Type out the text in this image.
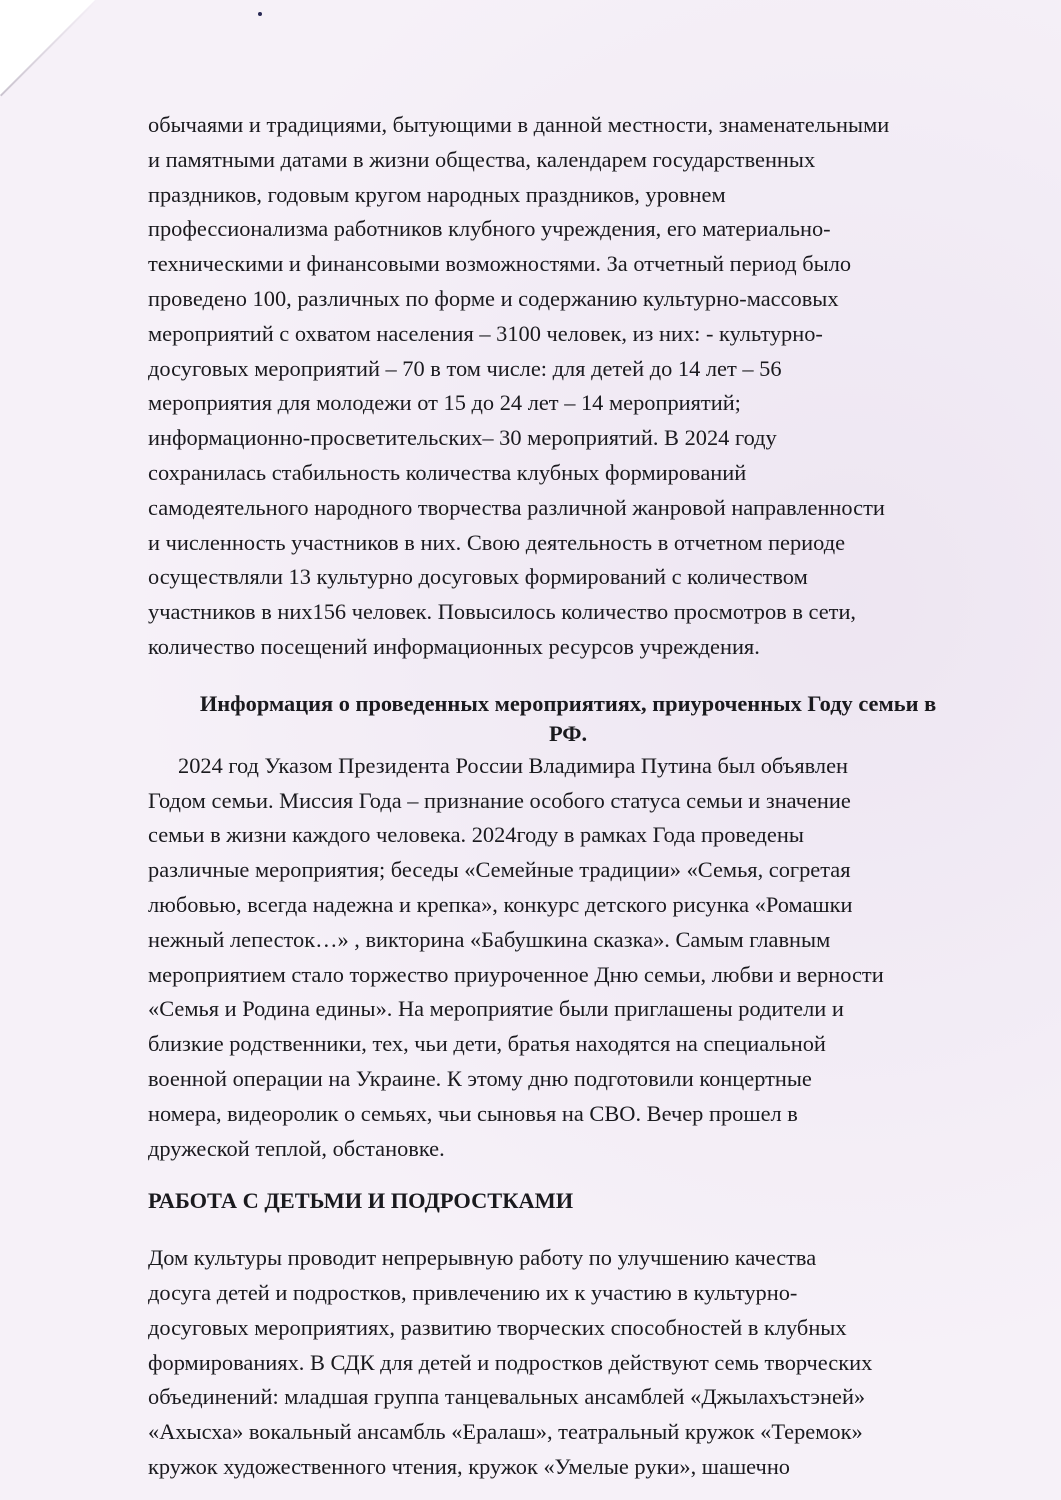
обычаями и традициями, бытующими в данной местности, знаменательными

и памятными датами в жизни общества, календарем государственных

праздников, годовым кругом народных праздников, уровнем

профессионализма работников клубного учреждения, его материально-

техническими и финансовыми возможностями. За отчетный период было

проведено 100, различных по форме и содержанию культурно-массовых

мероприятий с охватом населения – 3100 человек, из них: - культурно-

досуговых мероприятий – 70 в том числе: для детей до 14 лет – 56

мероприятия для молодежи от 15 до 24 лет – 14 мероприятий;

информационно-просветительских– 30 мероприятий. В 2024 году

сохранилась стабильность количества клубных формирований

самодеятельного народного творчества различной жанровой направленности

и численность участников в них. Свою деятельность в отчетном периоде

осуществляли 13 культурно досуговых формирований с количеством

участников в них156 человек. Повысилось количество просмотров в сети,

количество посещений информационных ресурсов учреждения.

Информация о проведенных мероприятиях, приуроченных Году семьи в

РФ.

2024 год Указом Президента России Владимира Путина был объявлен

Годом семьи. Миссия Года – признание особого статуса семьи и значение

семьи в жизни каждого человека. 2024году в рамках Года проведены

различные мероприятия; беседы «Семейные традиции» «Семья, согретая

любовью, всегда надежна и крепка», конкурс детского рисунка «Ромашки

нежный лепесток…» , викторина «Бабушкина сказка». Самым главным

мероприятием стало торжество приуроченное Дню семьи, любви и верности

«Семья и Родина едины». На мероприятие были приглашены родители и

близкие родственники, тех, чьи дети, братья находятся на специальной

военной операции на Украине. К этому дню подготовили концертные

номера, видеоролик о семьях, чьи сыновья на СВО. Вечер прошел в

дружеской теплой, обстановке.

РАБОТА С ДЕТЬМИ И ПОДРОСТКАМИ

Дом культуры проводит непрерывную работу по улучшению качества

досуга детей и подростков, привлечению их к участию в культурно-

досуговых мероприятиях, развитию творческих способностей в клубных

формированиях. В СДК для детей и подростков действуют семь творческих

объединений: младшая группа танцевальных ансамблей «Джылахъстэней»

«Ахысха» вокальный ансамбль «Ералаш», театральный кружок «Теремок»

кружок художественного чтения, кружок «Умелые руки», шашечно
